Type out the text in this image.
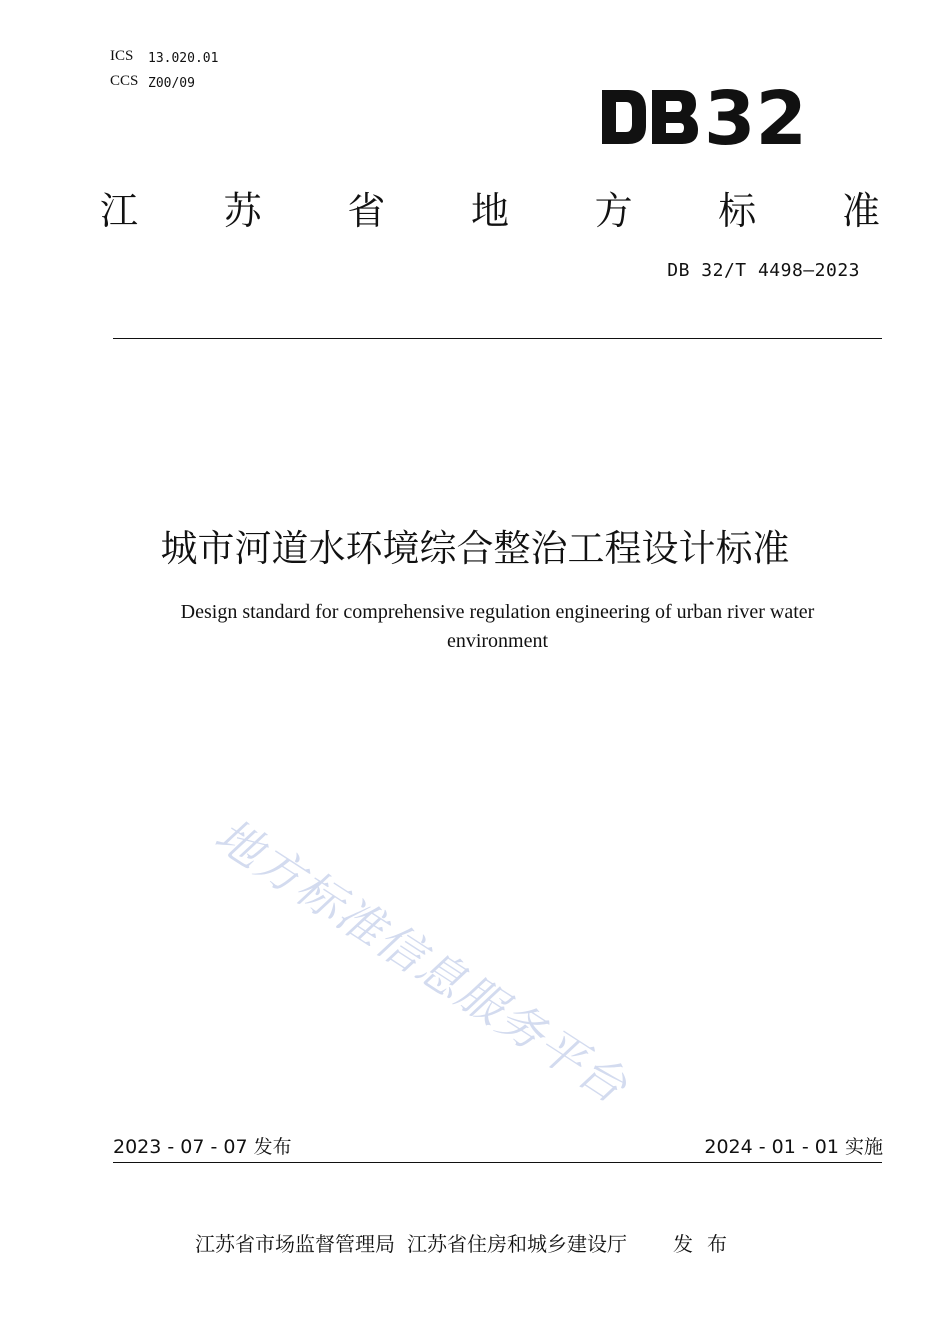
ICS	13.020.01
CCS Z00/09	32
江 苏 省 地 方 标 准
DB 32/T 4498—2023
城市河道水环境综合整治工程设计标准
Design standard for comprehensive regulation engineering of urban river water environment
地方标准信息服务平台
2023 - 07 - 07 发布	2024 - 01 - 01 实施
江苏省市场监督管理局 江苏省住房和城乡建设厅 发布
